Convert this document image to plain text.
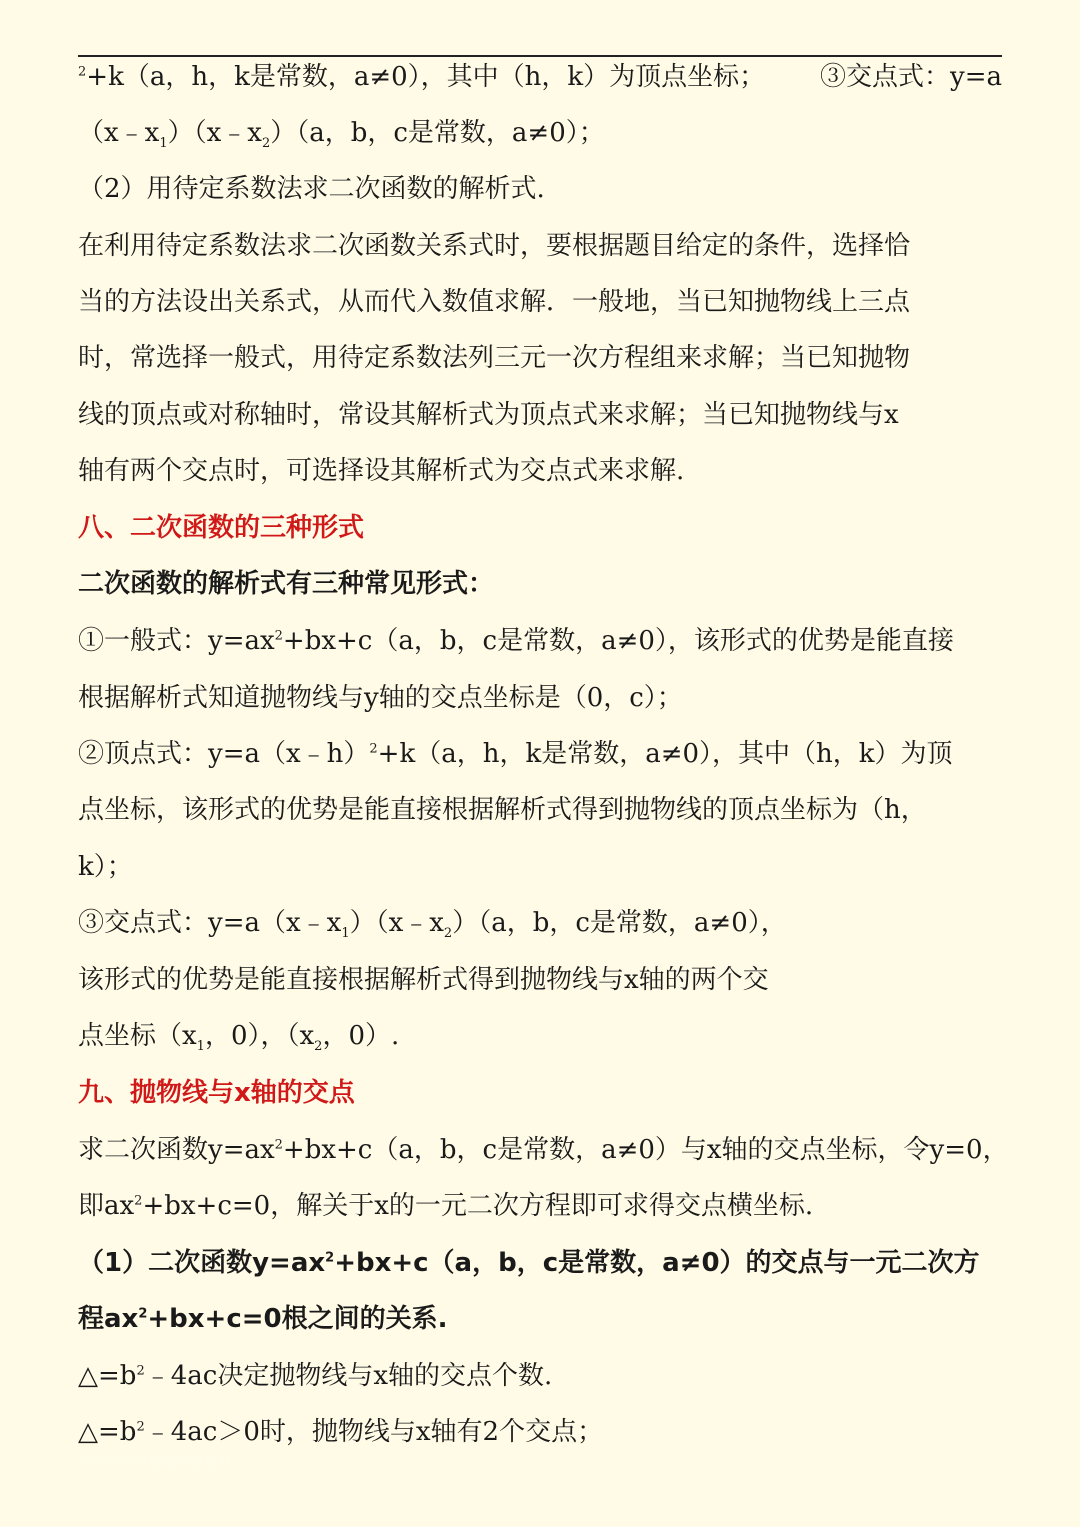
$^2$+k（a，h，k是常数，a≠0），其中（h，k）为顶点坐标； ③交点式：y=a
$(x﹣x_1)(x﹣x_2)(a$，b，c是常数，a≠0）；
（2）用待定系数法求二次函数的解析式.
在利用待定系数法求二次函数关系式时，要根据题目给定的条件，选择恰
当的方法设出关系式，从而代入数值求解．一般地，当已知抛物线上三点
时，常选择一般式，用待定系数法列三元一次方程组来求解；当已知抛物
线的顶点或对称轴时，常设其解析式为顶点式来求解；当已知抛物线与x
轴有两个交点时，可选择设其解析式为交点式来求解.
八、二次函数的三种形式
二次函数的解析式有三种常见形式：
①一般式：$y=ax^2+bx+c(a$，b，c是常数，a≠0），该形式的优势是能直接
根据解析式知道抛物线与y轴的交点坐标是（0，c）；
②顶点式：y=a（x﹣h）$^2$+k（a，h，k是常数，a≠0），其中（h，k）为顶
点坐标，该形式的优势是能直接根据解析式得到抛物线的顶点坐标为（h，
k）；
③交点式：$y=a(x﹣x_1)(x﹣x_2)(a$，b，c是常数，a≠0），
该形式的优势是能直接根据解析式得到抛物线与x轴的两个交
点坐标（$x_1$，0），（$x_2$，0）.
九、抛物线与x轴的交点
求二次函数$y=ax^2+bx+c(a$，b，c是常数，a≠0）与x轴的交点坐标，令y=0，
即$ax^2+bx+c=0$，解关于x的一元二次方程即可求得交点横坐标.
（1）二次函数$y=ax^2+bx+c(a$，b，c是常数，a≠0）的交点与一元二次方
程$ax^2+bx+c=0$根之间的关系.
$\triangle=b^2﹣4ac$决定抛物线与x轴的交点个数.
$\triangle=b^2﹣4ac>0$时，抛物线与x轴有2个交点；
关注公众号获取更多资料
